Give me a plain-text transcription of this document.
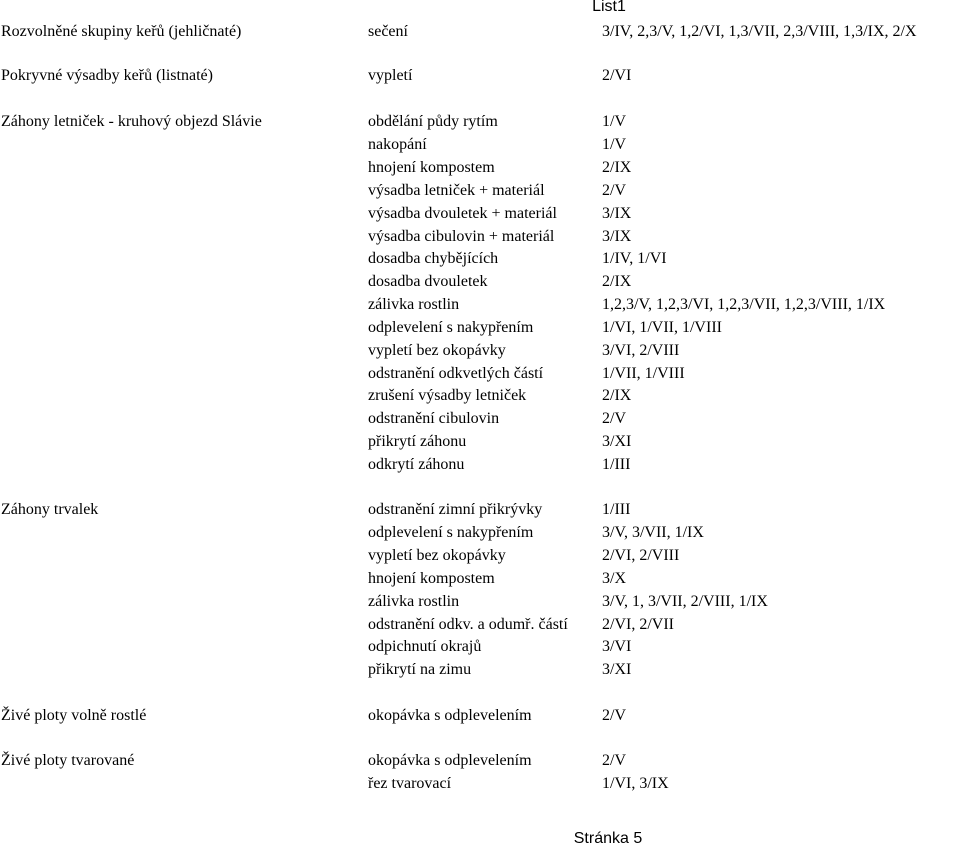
List1
Rozvolněné skupiny keřů (jehličnaté)	sečení	3/IV, 2,3/V, 1,2/VI, 1,3/VII, 2,3/VIII, 1,3/IX, 2/X
Pokryvné výsadby keřů (listnaté)	vypletí	2/VI
Záhony letniček - kruhový objezd Slávie	obdělání půdy rytím	1/V
nakopání	1/V
hnojení kompostem	2/IX
výsadba letniček + materiál	2/V
výsadba dvouletek + materiál	3/IX
výsadba cibulovin + materiál	3/IX
dosadba chybějících	1/IV, 1/VI
dosadba dvouletek	2/IX
zálivka rostlin	1,2,3/V, 1,2,3/VI, 1,2,3/VII, 1,2,3/VIII, 1/IX
odplevelení s nakypřením	1/VI, 1/VII, 1/VIII
vypletí bez okopávky	3/VI, 2/VIII
odstranění odkvetlých částí	1/VII, 1/VIII
zrušení výsadby letniček	2/IX
odstranění cibulovin	2/V
přikrytí záhonu	3/XI
odkrytí záhonu	1/III
Záhony trvalek	odstranění zimní přikrývky	1/III
odplevelení s nakypřením	3/V, 3/VII, 1/IX
vypletí bez okopávky	2/VI, 2/VIII
hnojení kompostem	3/X
zálivka rostlin	3/V, 1, 3/VII, 2/VIII, 1/IX
odstranění odkv. a odumř. částí 2/VI, 2/VII
odpichnutí okrajů	3/VI
přikrytí na zimu	3/XI
Živé ploty volně rostlé	okopávka s odplevelením	2/V
Živé ploty tvarované	okopávka s odplevelením	2/V
řez tvarovací	1/VI, 3/IX
Stránka 5
